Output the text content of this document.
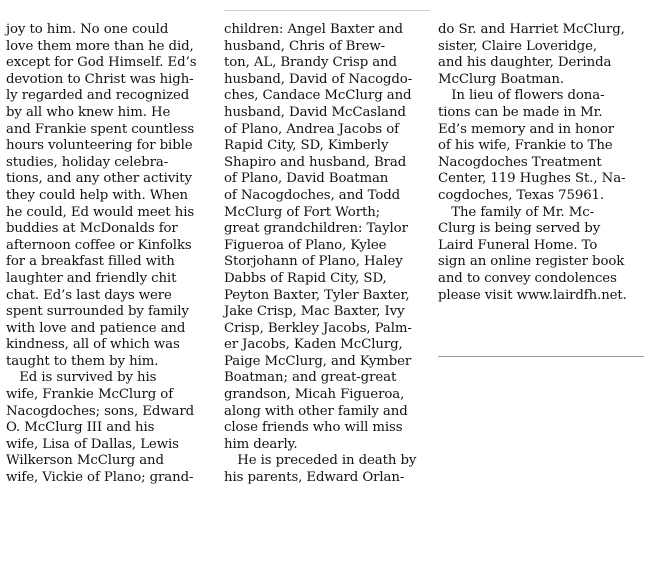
joy to him. No one could
love them more than he did,
except for God Himself. Ed’s
devotion to Christ was high-
ly regarded and recognized
by all who knew him. He
and Frankie spent countless
hours volunteering for bible
studies, holiday celebra-
tions, and any other activity
they could help with. When
he could, Ed would meet his
buddies at McDonalds for
afternoon coffee or Kinfolks
for a breakfast filled with
laughter and friendly chit
chat. Ed’s last days were
spent surrounded by family
with love and patience and
kindness, all of which was
taught to them by him.
 Ed is survived by his
wife, Frankie McClurg of
Nacogdoches; sons, Edward
O. McClurg III and his
wife, Lisa of Dallas, Lewis
Wilkerson McClurg and
wife, Vickie of Plano; grand-
children: Angel Baxter and
husband, Chris of Brew-
ton, AL, Brandy Crisp and
husband, David of Nacogdo-
ches, Candace McClurg and
husband, David McCasland
of Plano, Andrea Jacobs of
Rapid City, SD, Kimberly
Shapiro and husband, Brad
of Plano, David Boatman
of Nacogdoches, and Todd
McClurg of Fort Worth;
great grandchildren: Taylor
Figueroa of Plano, Kylee
Storjohann of Plano, Haley
Dabbs of Rapid City, SD,
Peyton Baxter, Tyler Baxter,
Jake Crisp, Mac Baxter, Ivy
Crisp, Berkley Jacobs, Palm-
er Jacobs, Kaden McClurg,
Paige McClurg, and Kymber
Boatman; and great-great
grandson, Micah Figueroa,
along with other family and
close friends who will miss
him dearly.
 He is preceded in death by
his parents, Edward Orlan-
do Sr. and Harriet McClurg,
sister, Claire Loveridge,
and his daughter, Derinda
McClurg Boatman.
 In lieu of flowers dona-
tions can be made in Mr.
Ed’s memory and in honor
of his wife, Frankie to The
Nacogdoches Treatment
Center, 119 Hughes St., Na-
cogdoches, Texas 75961.
 The family of Mr. Mc-
Clurg is being served by
Laird Funeral Home. To
sign an online register book
and to convey condolences
please visit www.lairdfh.net.
